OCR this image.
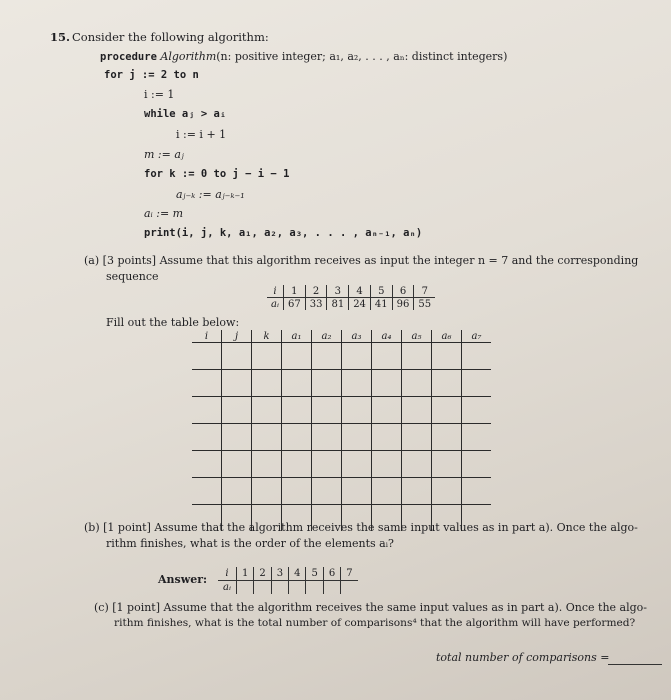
15. Consider the following algorithm:
procedure Algorithm(n: positive integer; a₁, a₂, . . . , aₙ: distinct integers)
for j := 2 to n
i := 1
while aⱼ > aᵢ
i := i + 1
m := aⱼ
for k := 0 to j − i − 1
aⱼ₋ₖ := aⱼ₋ₖ₋₁
aᵢ := m
print(i, j, k, a₁, a₂, a₃, . . . , aₙ₋₁, aₙ)
(a) [3 points] Assume that this algorithm receives as input the integer n = 7 and the corresponding
sequence
i	1	2	3	4	5	6	7
aᵢ	67	33	81	24	41	96	55
Fill out the table below:
i	j	k	a₁	a₂	a₃	a₄	a₅	a₆	a₇

(b) [1 point] Assume that the algorithm receives the same input values as in part a). Once the algo-
rithm finishes, what is the order of the elements aᵢ?
Answer: i	1	2	3	4	5	6	7
aᵢ							
(c) [1 point] Assume that the algorithm receives the same input values as in part a). Once the algo-
rithm finishes, what is the total number of comparisons⁴ that the algorithm will have performed?
total number of comparisons =
